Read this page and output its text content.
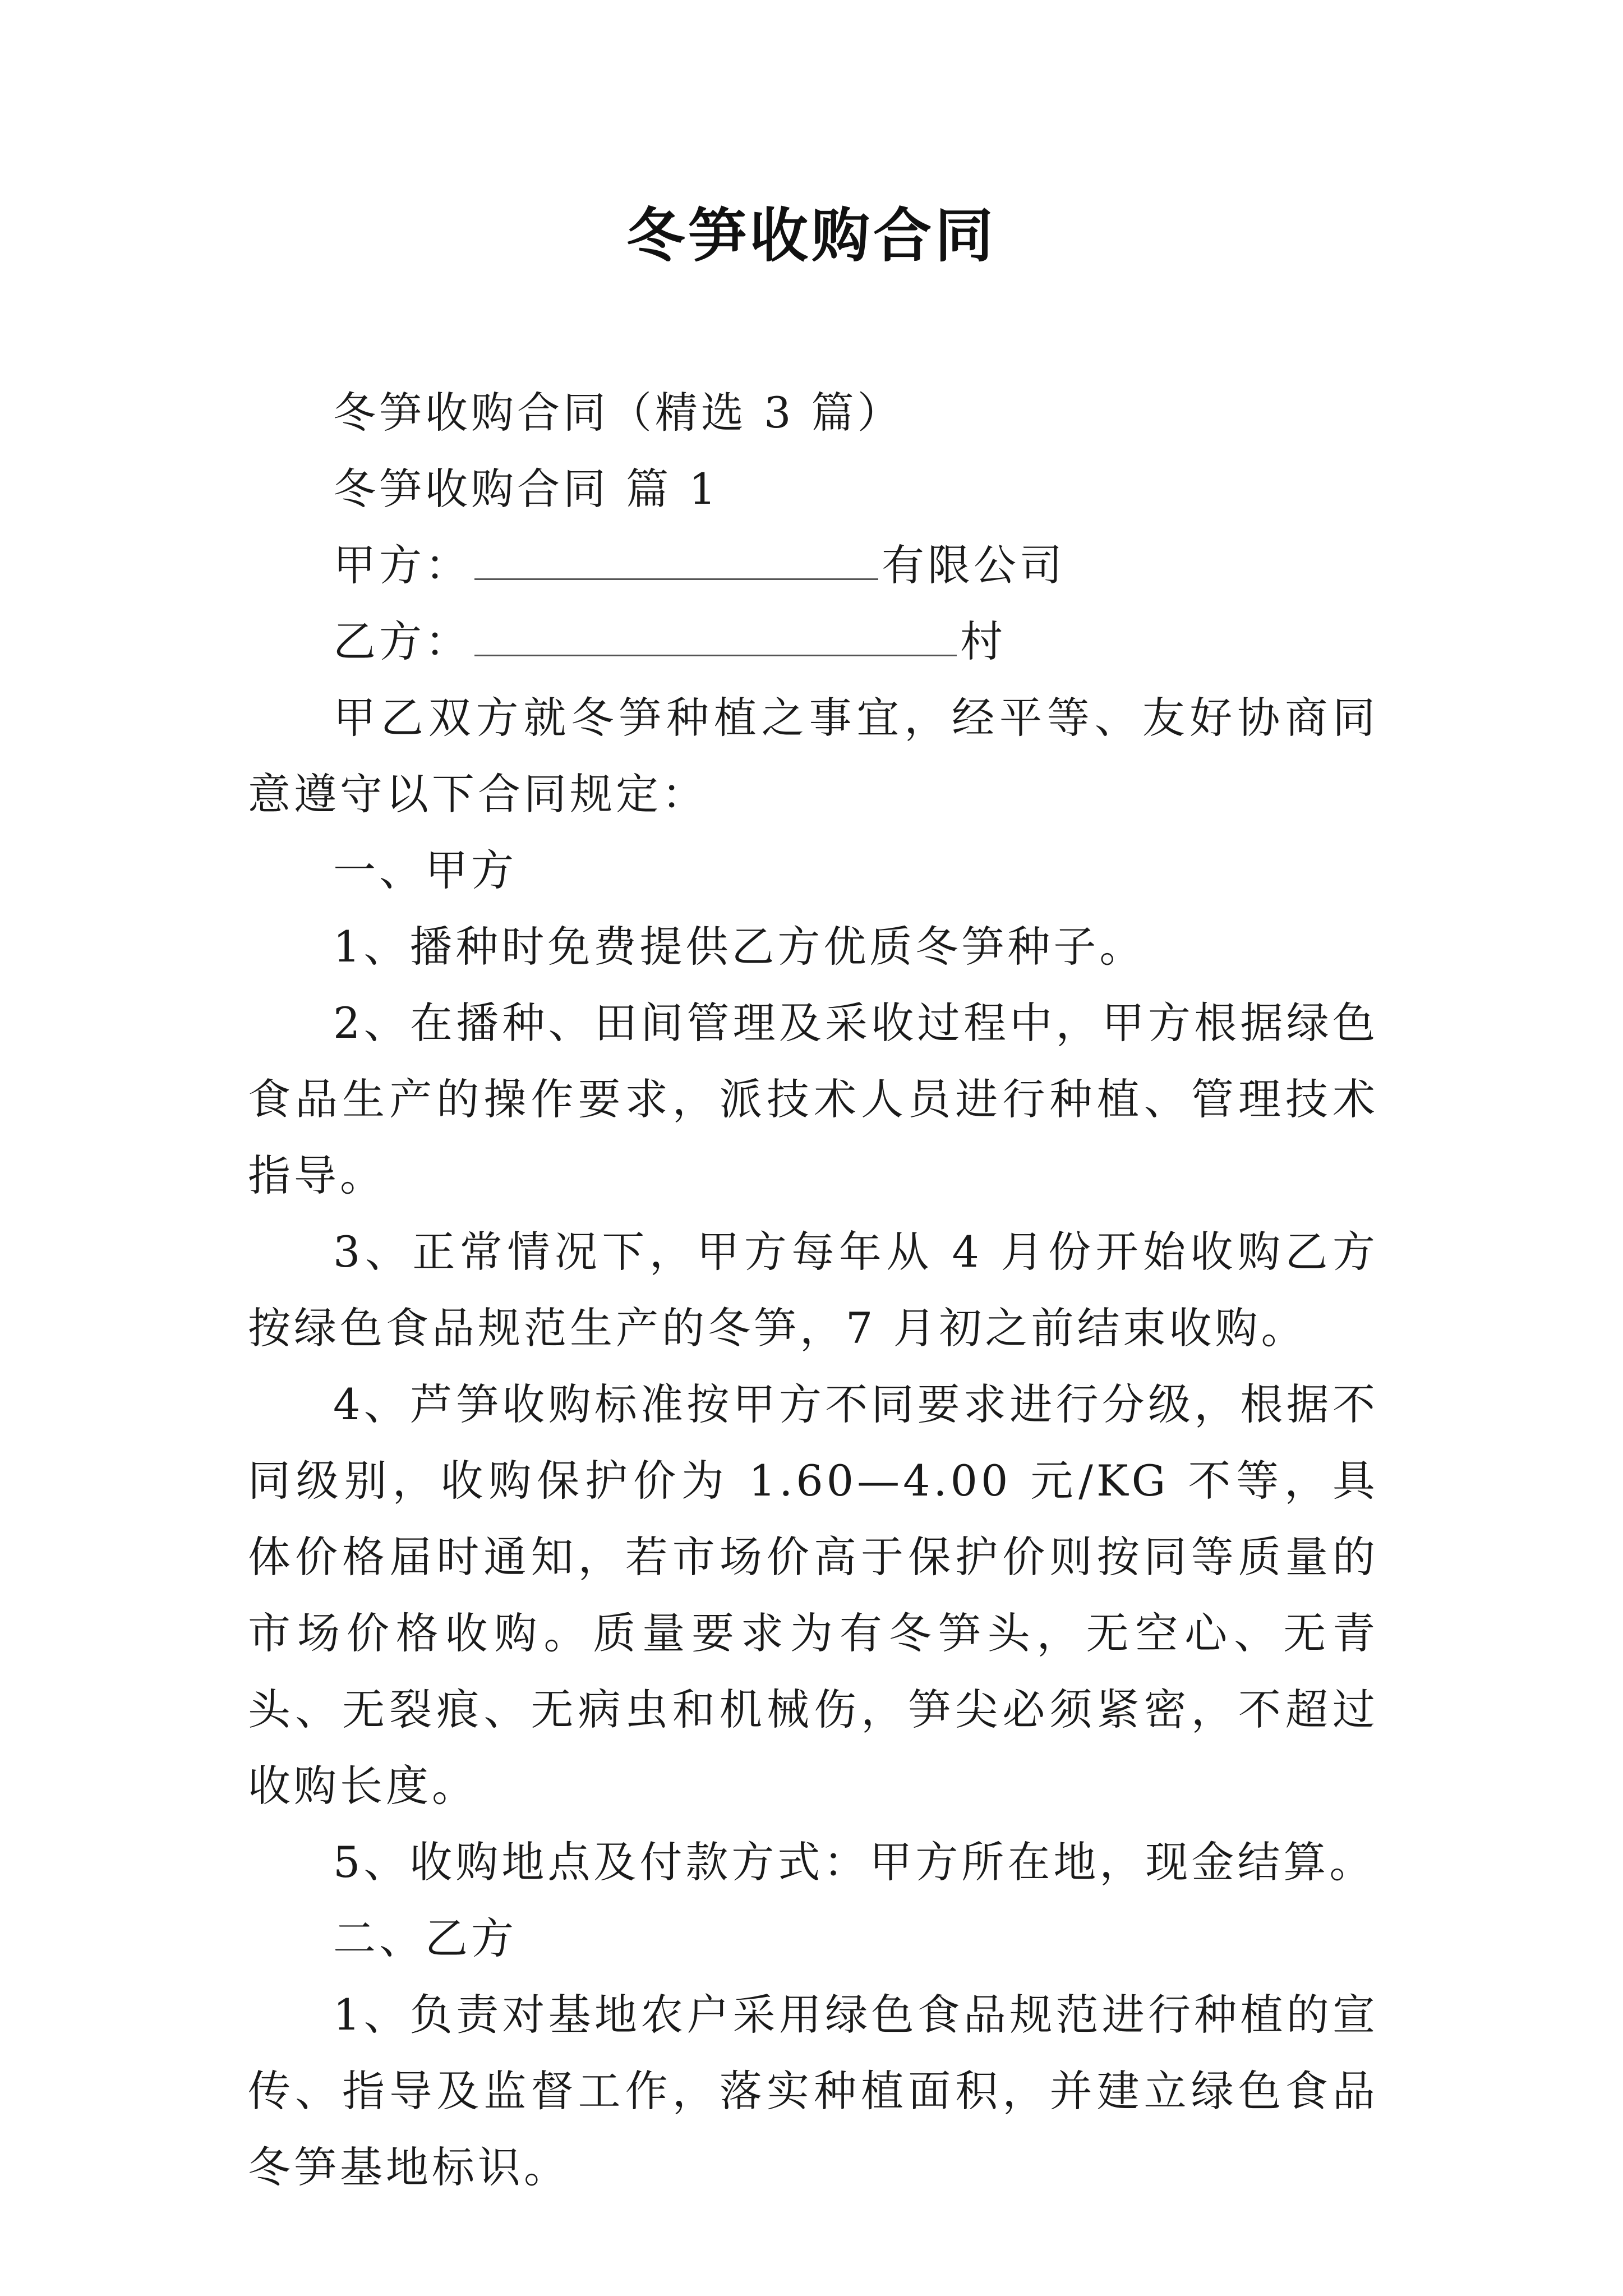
冬笋收购合同

冬笋收购合同（精选 3 篇）

冬笋收购合同 篇 1

甲方：	有限公司

乙方：	村

甲乙双方就冬笋种植之事宜，经平等、友好协商同意遵守以下合同规定：

一、甲方

1、播种时免费提供乙方优质冬笋种子。

2、在播种、田间管理及采收过程中，甲方根据绿色食品生产的操作要求，派技术人员进行种植、管理技术指导。

3、正常情况下，甲方每年从 4 月份开始收购乙方按绿色食品规范生产的冬笋，7 月初之前结束收购。

4、芦笋收购标准按甲方不同要求进行分级，根据不同级别，收购保护价为 1.60—4.00 元/KG 不等，具体价格届时通知，若市场价高于保护价则按同等质量的市场价格收购。质量要求为有冬笋头，无空心、无青头、无裂痕、无病虫和机械伤，笋尖必须紧密，不超过收购长度。

5、收购地点及付款方式：甲方所在地，现金结算。

二、乙方

1、负责对基地农户采用绿色食品规范进行种植的宣传、指导及监督工作，落实种植面积，并建立绿色食品冬笋基地标识。
